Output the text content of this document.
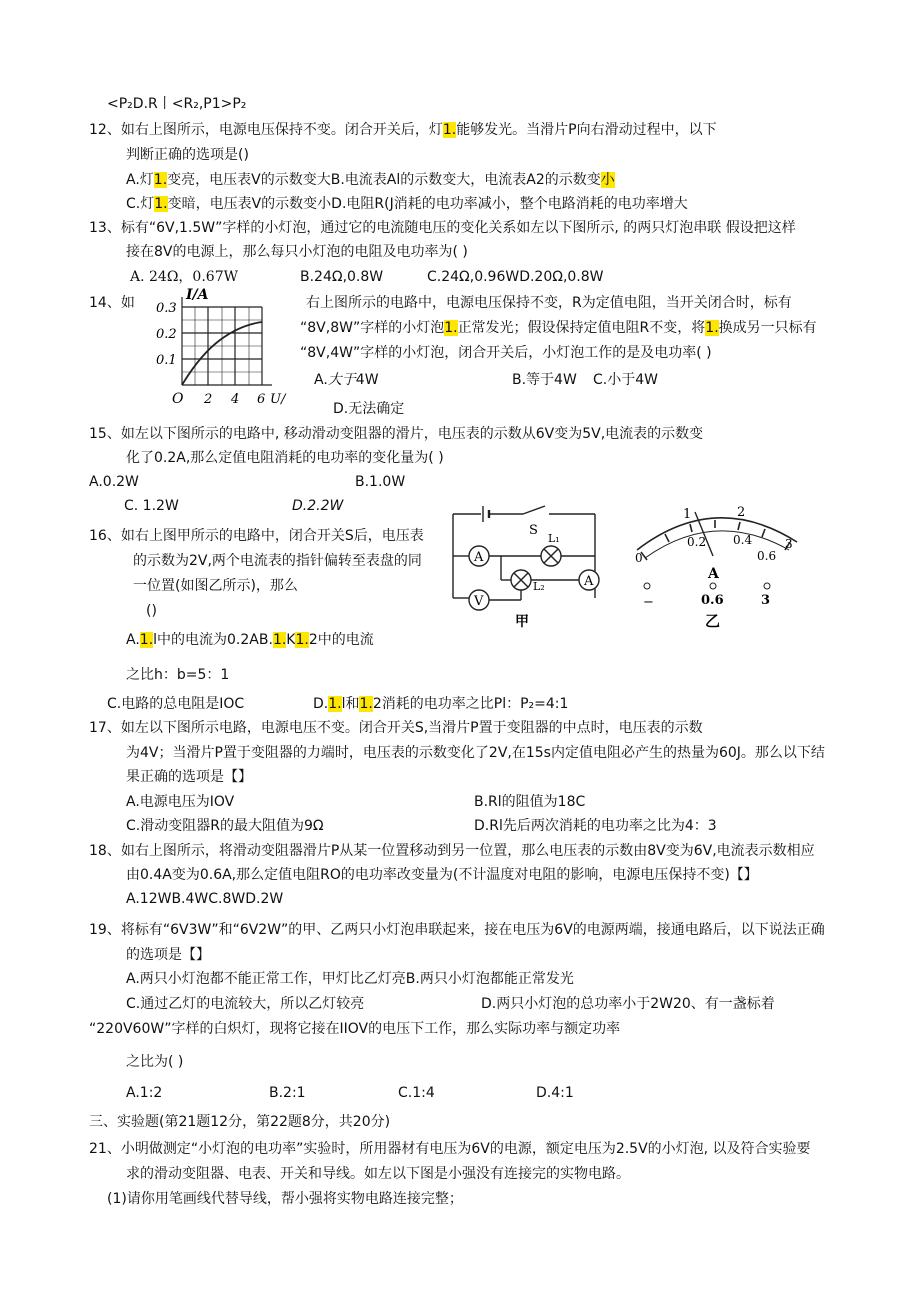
<P₂D.R丨<R₂,P1>P₂
12、如右上图所示，电源电压保持不变。闭合开关后，灯1.能够发光。当滑片P向右滑动过程中，以下
判断正确的选项是()
A.灯1.变亮，电压表V的示数变大B.电流表Al的示数变大，电流表A2的示数变小
C.灯1.变暗，电压表V的示数变小D.电阻R(J消耗的电功率减小，整个电路消耗的电功率增大
13、标有“6V,1.5W”字样的小灯泡，通过它的电流随电压的变化关系如左以下图所示, 的两只灯泡串联 假设把这样
接在8V的电源上，那么每只小灯泡的电阻及电功率为( )
A. 24Ω，0.67W	B.24Ω,0.8W	C.24Ω,0.96WD.20Ω,0.8W
14、如	I/A
0.3
0.2
0.1
O 2 4 6 U/
右上图所示的电路中，电源电压保持不变，R为定值电阻，当开关闭合时，标有
“8V,8W”字样的小灯泡1.正常发光；假设保持定值电阻R不变，将1.换成另一只标有
“8V,4W”字样的小灯泡，闭合开关后，小灯泡工作的是及电功率( )
A.大于4W	B.等于4W C.小于4W
D.无法确定
15、如左以下图所示的电路中, 移动滑动变阻器的滑片，电压表的示数从6V变为5V,电流表的示数变
化了0.2A,那么定值电阻消耗的电功率的变化量为( )
A.0.2W	B.1.0W
C. 1.2W	D.2.2W
16、如右上图甲所示的电路中，闭合开关S后，电压表
的示数为2V,两个电流表的指针偏转至表盘的同
一位置(如图乙所示)，那么
()
A.1.l中的电流为0.2AB.1.K1.2中的电流
之比h：b=5：1
C.电路的总电阻是IOC	D.1.l和1.2消耗的电功率之比Pl：P₂=4:1
S
L₁
L₂
A
A
V
甲
1	2
0
0.2 0.4
0.6
3
A
−	0.6	3
乙
17、如左以下图所示电路，电源电压不变。闭合开关S,当滑片P置于变阻器的中点时，电压表的示数
为4V；当滑片P置于变阻器的力端时，电压表的示数变化了2V,在15s内定值电阻必产生的热量为60J。那么以下结
果正确的选项是【】
A.电源电压为IOV	B.Rl的阻值为18C
C.滑动变阻器R的最大阻值为9Ω	D.Rl先后两次消耗的电功率之比为4：3
18、如右上图所示，将滑动变阻器滑片P从某一位置移动到另一位置，那么电压表的示数由8V变为6V,电流表示数相应
由0.4A变为0.6A,那么定值电阻RO的电功率改变量为(不计温度对电阻的影响，电源电压保持不变)【】
A.12WB.4WC.8WD.2W
19、将标有“6V3W”和“6V2W”的甲、乙两只小灯泡串联起来，接在电压为6V的电源两端，接通电路后，以下说法正确
的选项是【】
A.两只小灯泡都不能正常工作，甲灯比乙灯亮B.两只小灯泡都能正常发光
C.通过乙灯的电流较大，所以乙灯较亮	D.两只小灯泡的总功率小于2W20、有一盏标着
“220V60W”字样的白炽灯，现将它接在IIOV的电压下工作，那么实际功率与额定功率
之比为( )
A.1:2	B.2:1	C.1:4	D.4:1
三、实验题(第21题12分，第22题8分，共20分)
21、小明做测定“小灯泡的电功率”实验时，所用器材有电压为6V的电源，额定电压为2.5V的小灯泡, 以及符合实验要
求的滑动变阻器、电表、开关和导线。如左以下图是小强没有连接完的实物电路。
(1)请你用笔画线代替导线，帮小强将实物电路连接完整；
